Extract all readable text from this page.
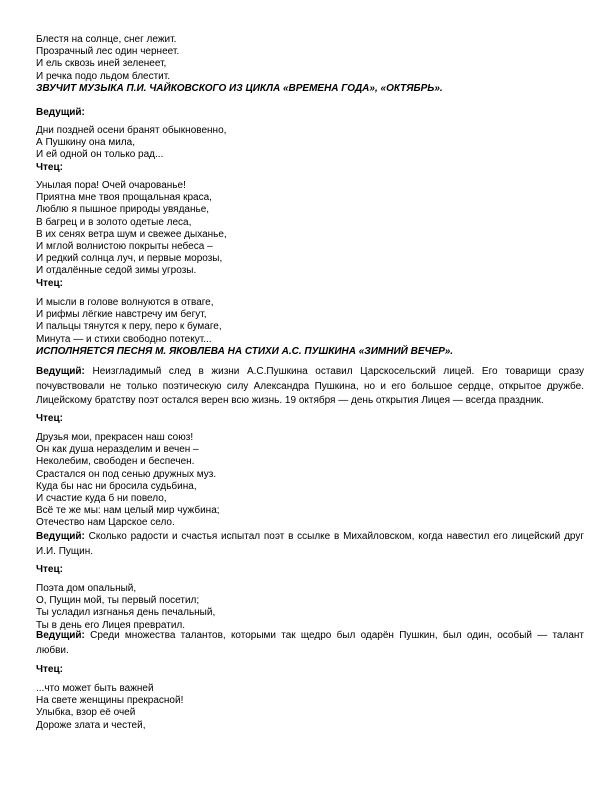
Блестя на солнце, снег лежит.
Прозрачный лес один чернеет.
И ель сквозь иней зеленеет,
И речка подо льдом блестит.
ЗВУЧИТ МУЗЫКА П.И. ЧАЙКОВСКОГО ИЗ ЦИКЛА «ВРЕМЕНА ГОДА», «ОКТЯБРЬ».
Ведущий:
Дни поздней осени бранят обыкновенно,
А Пушкину она мила,
И ей одной он только рад...
Чтец:
Унылая пора! Очей очарованье!
Приятна мне твоя прощальная краса,
Люблю я пышное природы увяданье,
В багрец и в золото одетые леса,
В их сенях ветра шум и свежее дыханье,
И мглой волнистою покрыты небеса –
И редкий солнца луч, и первые морозы,
И отдалённые седой зимы угрозы.
Чтец:
И мысли в голове волнуются в отваге,
И рифмы лёгкие навстречу им бегут,
И пальцы тянутся к перу, перо к бумаге,
Минута — и стихи свободно потекут...
ИСПОЛНЯЕТСЯ ПЕСНЯ М. ЯКОВЛЕВА НА СТИХИ А.С. ПУШКИНА «ЗИМНИЙ ВЕЧЕР».
Ведущий: Неизгладимый след в жизни А.С.Пушкина оставил Царскосельский лицей. Его товарищи сразу почувствовали не только поэтическую силу Александра Пушкина, но и его большое сердце, открытое дружбе. Лицейскому братству поэт остался верен всю жизнь. 19 октября — день открытия Лицея — всегда праздник.
Чтец:
Друзья мои, прекрасен наш союз!
Он как душа неразделим и вечен –
Неколебим, свободен и беспечен.
Срастался он под сенью дружных муз.
Куда бы нас ни бросила судьбина,
И счастие куда б ни повело,
Всё те же мы: нам целый мир чужбина;
Отечество нам Царское село.
Ведущий: Сколько радости и счастья испытал поэт в ссылке в Михайловском, когда навестил его лицейский друг И.И. Пущин.
Чтец:
Поэта дом опальный,
О, Пущин мой, ты первый посетил;
Ты усладил изгнанья день печальный,
Ты в день его Лицея превратил.
Ведущий: Среди множества талантов, которыми так щедро был одарён Пушкин, был один, особый — талант любви.
Чтец:
...что может быть важней
На свете женщины прекрасной!
Улыбка, взор её очей
Дороже злата и честей,
